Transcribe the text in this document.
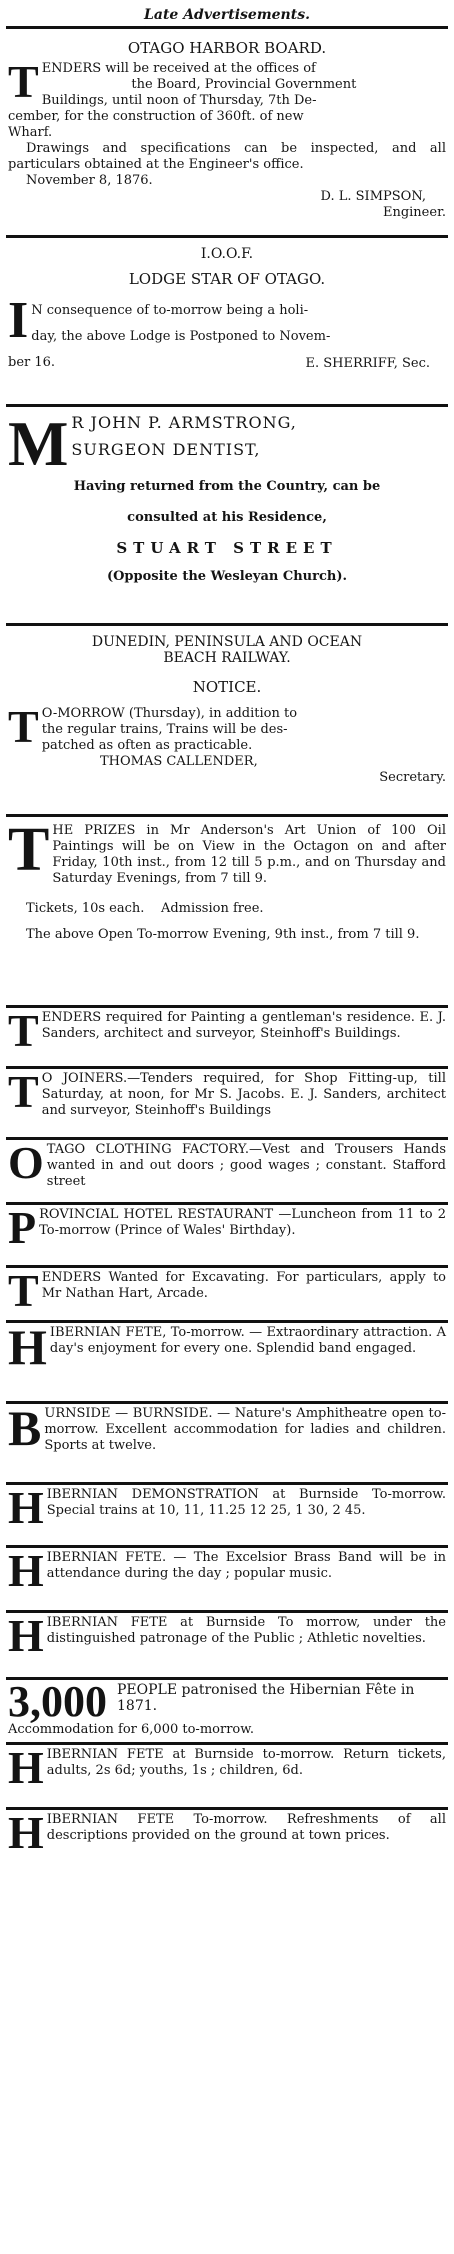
Late Advertisements.
OTAGO HARBOR BOARD.
T ENDERS will be received at the offices of

the Board, Provincial Government

Buildings, until noon of Thursday, 7th De-

cember, for the construction of 360ft. of new

Wharf.

Drawings and specifications can be inspected, and all particulars obtained at the Engineer's office.

November 8, 1876.
D. L. SIMPSON,
Engineer.
I.O.O.F.
LODGE STAR OF OTAGO.
I N consequence of to-morrow being a holi-

day, the above Lodge is Postponed to Novem-

ber 16.	E. SHERRIFF, Sec.
M R JOHN P. ARMSTRONG,
SURGEON DENTIST,
Having returned from the Country, can be
consulted at his Residence,
STUART STREET
(Opposite the Wesleyan Church).
DUNEDIN, PENINSULA AND OCEAN
BEACH RAILWAY.
NOTICE.
T O-MORROW (Thursday), in addition to

the regular trains, Trains will be des-

patched as often as practicable.

THOMAS CALLENDER,
Secretary.
T HE PRIZES in Mr Anderson's Art Union of 100 Oil Paintings will be on View in the Octagon on and after Friday, 10th inst., from 12 till 5 p.m., and on Thursday and Saturday Evenings, from 7 till 9.

Tickets, 10s each.    Admission free.
The above Open To-morrow Evening, 9th inst., from 7 till 9.
T ENDERS required for Painting a gentleman's residence. E. J. Sanders, architect and surveyor, Steinhoff's Buildings.

T O JOINERS.—Tenders required, for Shop Fitting-up, till Saturday, at noon, for Mr S. Jacobs. E. J. Sanders, architect and surveyor, Steinhoff's Buildings

O TAGO CLOTHING FACTORY.—Vest and Trousers Hands wanted in and out doors ; good wages ; constant. Stafford street

P ROVINCIAL HOTEL RESTAURANT —Luncheon from 11 to 2 To-morrow (Prince of Wales' Birthday).

T ENDERS Wanted for Excavating. For particulars, apply to Mr Nathan Hart, Arcade.

H IBERNIAN FETE, To-morrow. — Extraordinary attraction. A day's enjoyment for every one. Splendid band engaged.

B URNSIDE — BURNSIDE. — Nature's Amphitheatre open to-morrow. Excellent accommodation for ladies and children. Sports at twelve.

H IBERNIAN DEMONSTRATION at Burnside To-morrow. Special trains at 10, 11, 11.25 12 25, 1 30, 2 45.

H IBERNIAN FETE. — The Excelsior Brass Band will be in attendance during the day ; popular music.

H IBERNIAN FETE at Burnside To morrow, under the distinguished patronage of the Public ; Athletic novelties.

3,000 PEOPLE patronised the Hibernian Fête in 1871.

Accommodation for 6,000 to-morrow.
H IBERNIAN FETE at Burnside to-morrow. Return tickets, adults, 2s 6d; youths, 1s ; children, 6d.

H IBERNIAN FETE To-morrow. Refreshments of all descriptions provided on the ground at town prices.
